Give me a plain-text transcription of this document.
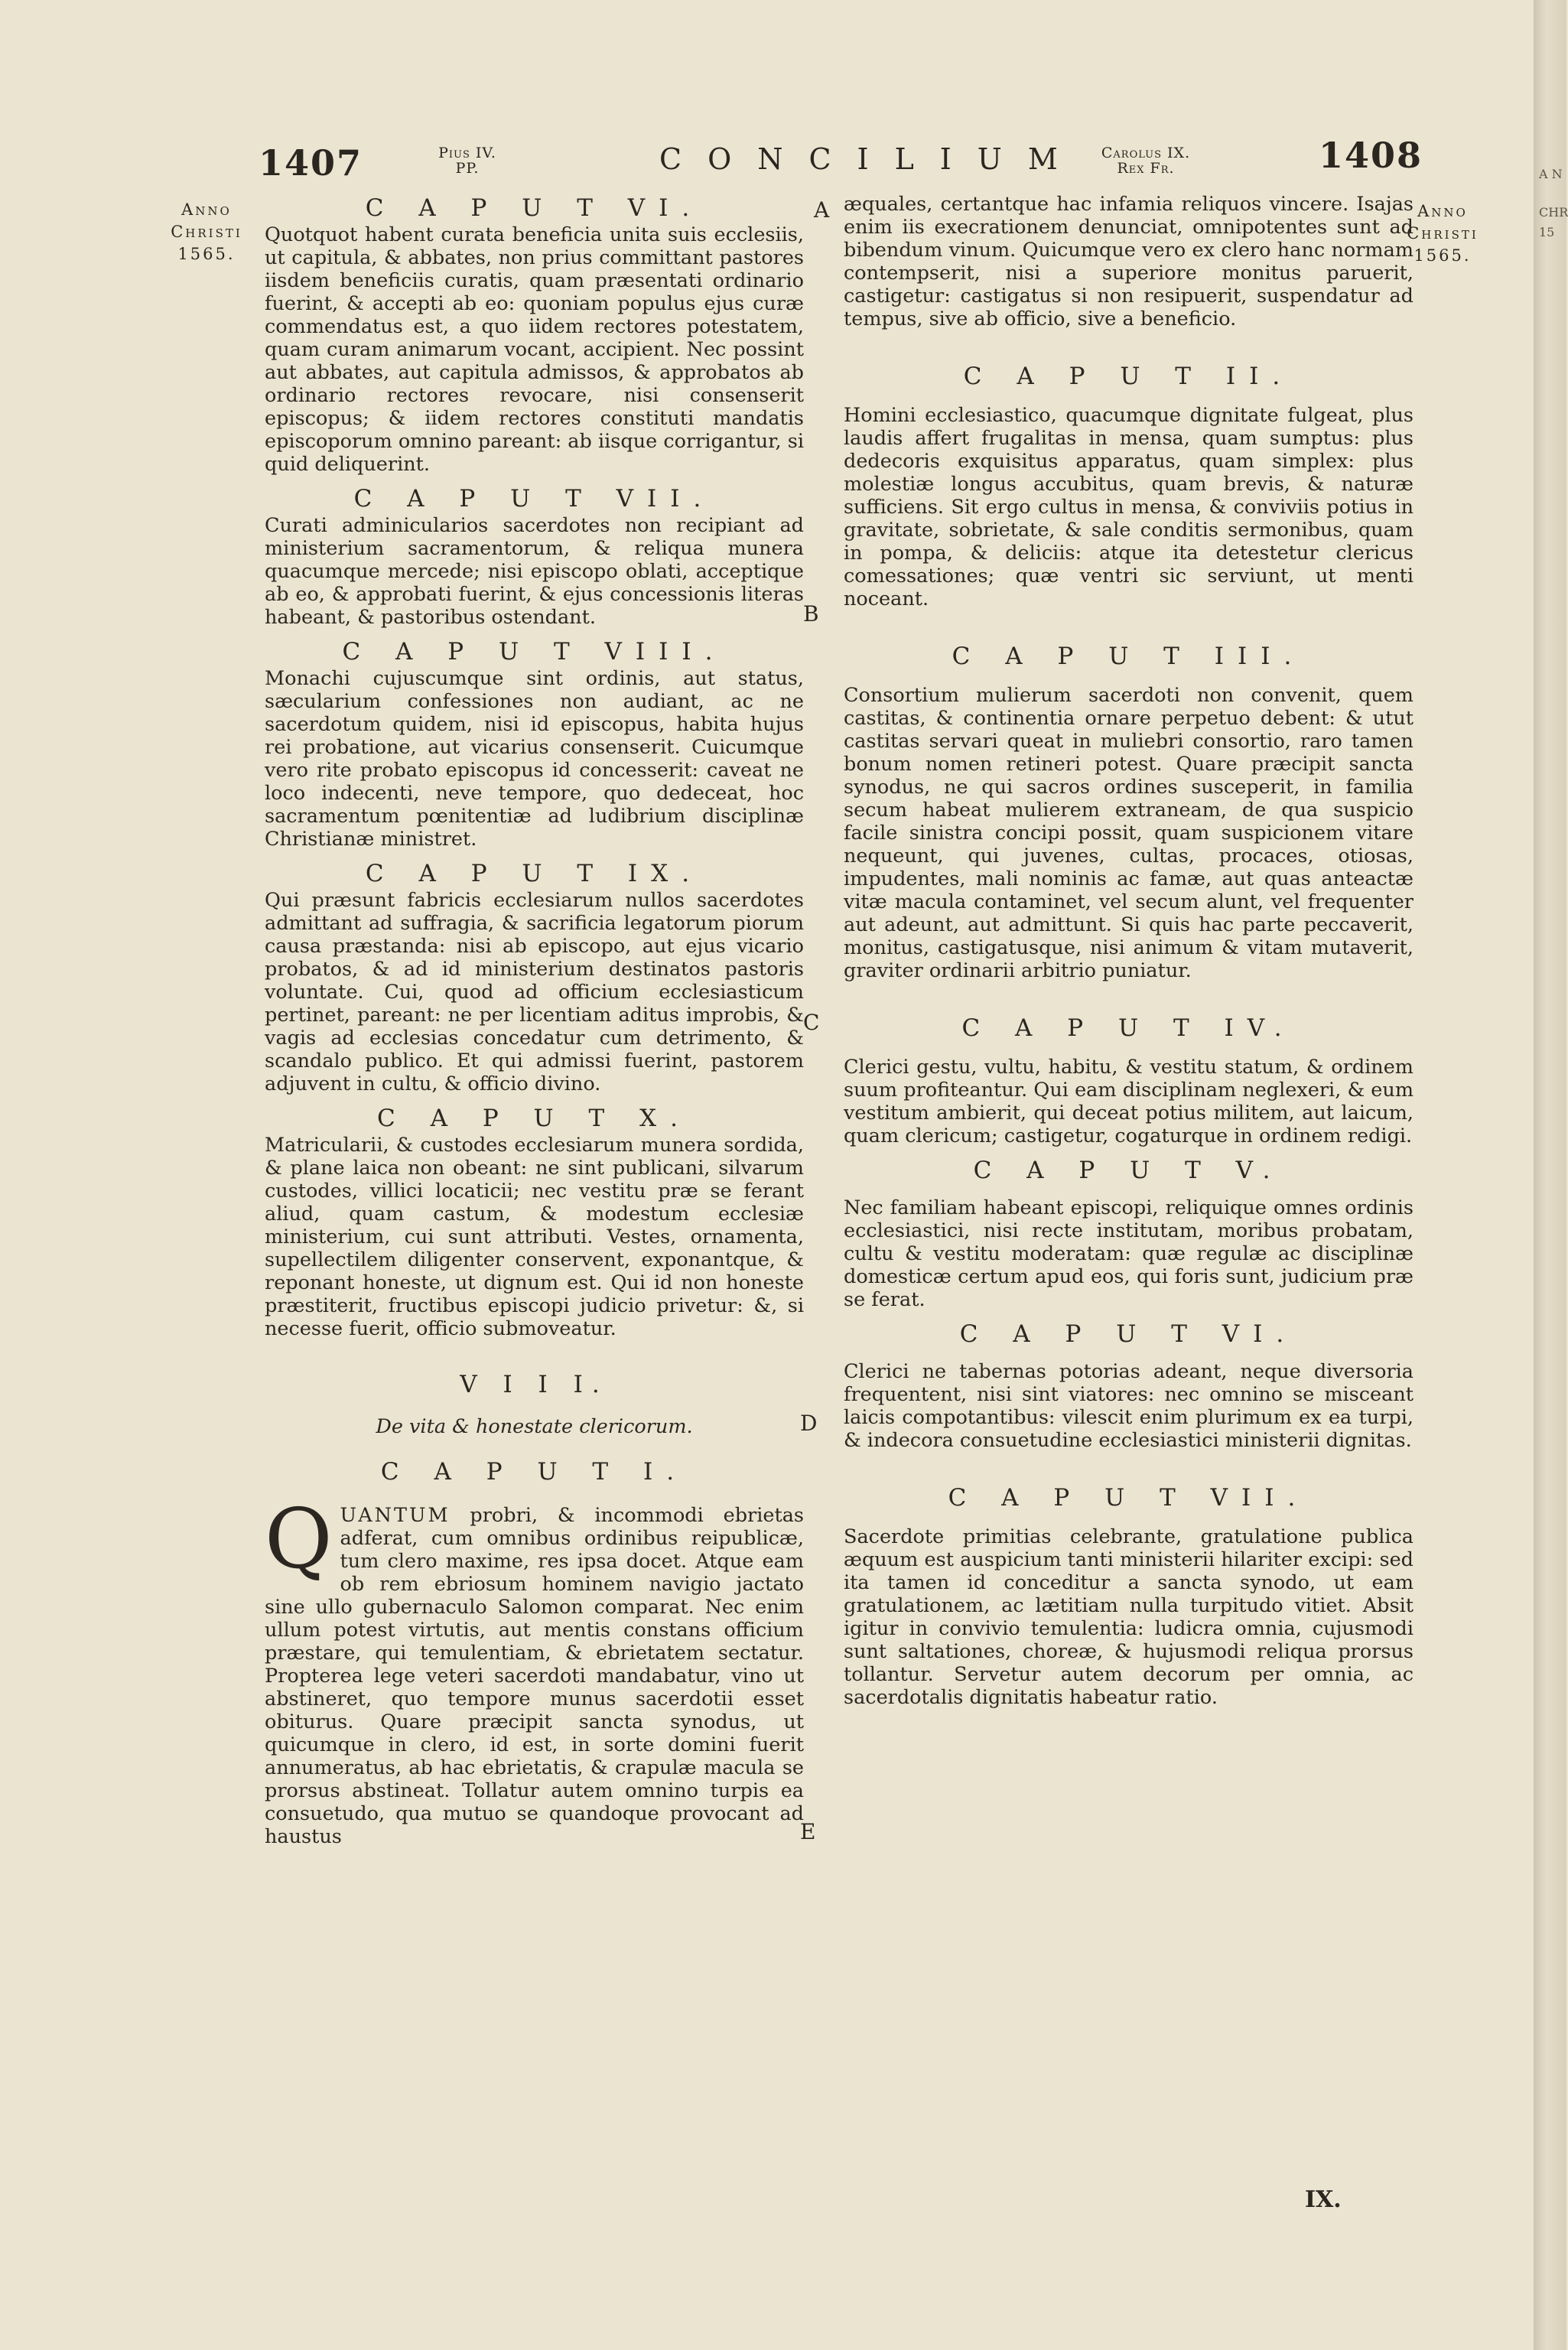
A N
CHR
15
1407	Pius IV.
PP.	CONCILIUM	Carolus IX.
Rex Fr.	1408
Anno
Christi
1565.
Anno
Christi
1565.
A
B
C
D
E
C A P U T VI.

Quotquot habent curata beneficia unita suis ecclesiis, ut capitula, & abbates, non prius committant pastores iisdem beneficiis curatis, quam præsentati ordinario fuerint, & accepti ab eo: quoniam populus ejus curæ commendatus est, a quo iidem rectores potestatem, quam curam animarum vocant, accipient. Nec possint aut abbates, aut capitula admissos, & approbatos ab ordinario rectores revocare, nisi consenserit episcopus; & iidem rectores constituti mandatis episcoporum omnino pareant: ab iisque corrigantur, si quid deliquerint.

C A P U T VII.

Curati adminicularios sacerdotes non recipiant ad ministerium sacramentorum, & reliqua munera quacumque mercede; nisi episcopo oblati, acceptique ab eo, & approbati fuerint, & ejus concessionis literas habeant, & pastoribus ostendant.

C A P U T VIII.

Monachi cujuscumque sint ordinis, aut status, sæcularium confessiones non audiant, ac ne sacerdotum quidem, nisi id episcopus, habita hujus rei probatione, aut vicarius consenserit. Cuicumque vero rite probato episcopus id concesserit: caveat ne loco indecenti, neve tempore, quo dedeceat, hoc sacramentum pœnitentiæ ad ludibrium disciplinæ Christianæ ministret.

C A P U T IX.

Qui præsunt fabricis ecclesiarum nullos sacerdotes admittant ad suffragia, & sacrificia legatorum piorum causa præstanda: nisi ab episcopo, aut ejus vicario probatos, & ad id ministerium destinatos pastoris voluntate. Cui, quod ad officium ecclesiasticum pertinet, pareant: ne per licentiam aditus improbis, & vagis ad ecclesias concedatur cum detrimento, & scandalo publico. Et qui admissi fuerint, pastorem adjuvent in cultu, & officio divino.

C A P U T X.

Matricularii, & custodes ecclesiarum munera sordida, & plane laica non obeant: ne sint publicani, silvarum custodes, villici locaticii; nec vestitu præ se ferant aliud, quam castum, & modestum ecclesiæ ministerium, cui sunt attributi. Vestes, ornamenta, supellectilem diligenter conservent, exponantque, & reponant honeste, ut dignum est. Qui id non honeste præstiterit, fructibus episcopi judicio privetur: &, si necesse fuerit, officio submoveatur.

V I I I.
De vita & honestate clericorum.
C A P U T I.

QUANTUM probri, & incommodi ebrietas adferat, cum omnibus ordinibus reipublicæ, tum clero maxime, res ipsa docet. Atque eam ob rem ebriosum hominem navigio jactato sine ullo gubernaculo Salomon comparat. Nec enim ullum potest virtutis, aut mentis constans officium præstare, qui temulentiam, & ebrietatem sectatur. Propterea lege veteri sacerdoti mandabatur, vino ut abstineret, quo tempore munus sacerdotii esset obiturus. Quare præcipit sancta synodus, ut quicumque in clero, id est, in sorte domini fuerit annumeratus, ab hac ebrietatis, & crapulæ macula se prorsus abstineat. Tollatur autem omnino turpis ea consuetudo, qua mutuo se quandoque provocant ad haustus

æquales, certantque hac infamia reliquos vincere. Isajas enim iis execrationem denunciat, omnipotentes sunt ad bibendum vinum. Quicumque vero ex clero hanc normam contempserit, nisi a superiore monitus paruerit, castigetur: castigatus si non resipuerit, suspendatur ad tempus, sive ab officio, sive a beneficio.

C A P U T II.

Homini ecclesiastico, quacumque dignitate fulgeat, plus laudis affert frugalitas in mensa, quam sumptus: plus dedecoris exquisitus apparatus, quam simplex: plus molestiæ longus accubitus, quam brevis, & naturæ sufficiens. Sit ergo cultus in mensa, & conviviis potius in gravitate, sobrietate, & sale conditis sermonibus, quam in pompa, & deliciis: atque ita detestetur clericus comessationes; quæ ventri sic serviunt, ut menti noceant.

C A P U T III.

Consortium mulierum sacerdoti non convenit, quem castitas, & continentia ornare perpetuo debent: & utut castitas servari queat in muliebri consortio, raro tamen bonum nomen retineri potest. Quare præcipit sancta synodus, ne qui sacros ordines susceperit, in familia secum habeat mulierem extraneam, de qua suspicio facile sinistra concipi possit, quam suspicionem vitare nequeunt, qui juvenes, cultas, procaces, otiosas, impudentes, mali nominis ac famæ, aut quas anteactæ vitæ macula contaminet, vel secum alunt, vel frequenter aut adeunt, aut admittunt. Si quis hac parte peccaverit, monitus, castigatusque, nisi animum & vitam mutaverit, graviter ordinarii arbitrio puniatur.

C A P U T IV.

Clerici gestu, vultu, habitu, & vestitu statum, & ordinem suum profiteantur. Qui eam disciplinam neglexeri, & eum vestitum ambierit, qui deceat potius militem, aut laicum, quam clericum; castigetur, cogaturque in ordinem redigi.

C A P U T V.

Nec familiam habeant episcopi, reliquique omnes ordinis ecclesiastici, nisi recte institutam, moribus probatam, cultu & vestitu moderatam: quæ regulæ ac disciplinæ domesticæ certum apud eos, qui foris sunt, judicium præ se ferat.

C A P U T VI.

Clerici ne tabernas potorias adeant, neque diversoria frequentent, nisi sint viatores: nec omnino se misceant laicis compotantibus: vilescit enim plurimum ex ea turpi, & indecora consuetudine ecclesiastici ministerii dignitas.

C A P U T VII.

Sacerdote primitias celebrante, gratulatione publica æquum est auspicium tanti ministerii hilariter excipi: sed ita tamen id conceditur a sancta synodo, ut eam gratulationem, ac lætitiam nulla turpitudo vitiet. Absit igitur in convivio temulentia: ludicra omnia, cujusmodi sunt saltationes, choreæ, & hujusmodi reliqua prorsus tollantur. Servetur autem decorum per omnia, ac sacerdotalis dignitatis habeatur ratio.

IX.
